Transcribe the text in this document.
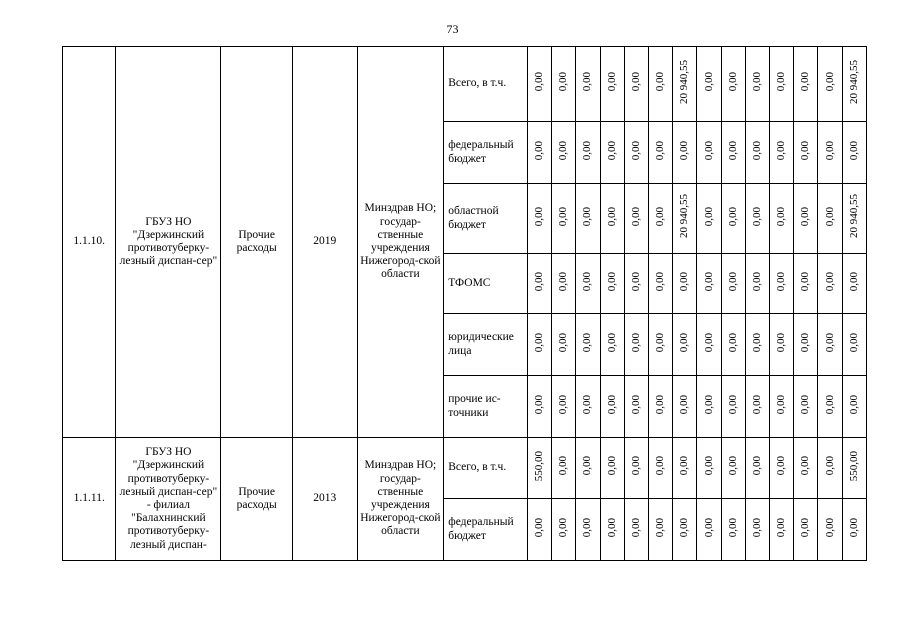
73
1.1.10.	ГБУЗ НО "Дзержинский противотуберку-лезный диспан-сер"	Прочие расходы	2019	Минздрав НО; государ-ственные учреждения Нижегород-ской области	Всего, в т.ч.	0,00	0,00	0,00	0,00	0,00	0,00	20 940,55	0,00	0,00	0,00	0,00	0,00	0,00	20 940,55
					федеральный бюджет	0,00	0,00	0,00	0,00	0,00	0,00	0,00	0,00	0,00	0,00	0,00	0,00	0,00	0,00
					областной бюджет	0,00	0,00	0,00	0,00	0,00	0,00	20 940,55	0,00	0,00	0,00	0,00	0,00	0,00	20 940,55
					ТФОМС	0,00	0,00	0,00	0,00	0,00	0,00	0,00	0,00	0,00	0,00	0,00	0,00	0,00	0,00
					юридические лица	0,00	0,00	0,00	0,00	0,00	0,00	0,00	0,00	0,00	0,00	0,00	0,00	0,00	0,00
					прочие ис-точники	0,00	0,00	0,00	0,00	0,00	0,00	0,00	0,00	0,00	0,00	0,00	0,00	0,00	0,00
1.1.11.	ГБУЗ НО "Дзержинский противотуберку-лезный диспан-сер" - филиал "Балахнинский противотуберку-лезный диспан-	Прочие расходы	2013	Минздрав НО; государ-ственные учреждения Нижегород-ской области	Всего, в т.ч.	550,00	0,00	0,00	0,00	0,00	0,00	0,00	0,00	0,00	0,00	0,00	0,00	0,00	550,00
					федеральный бюджет	0,00	0,00	0,00	0,00	0,00	0,00	0,00	0,00	0,00	0,00	0,00	0,00	0,00	0,00
